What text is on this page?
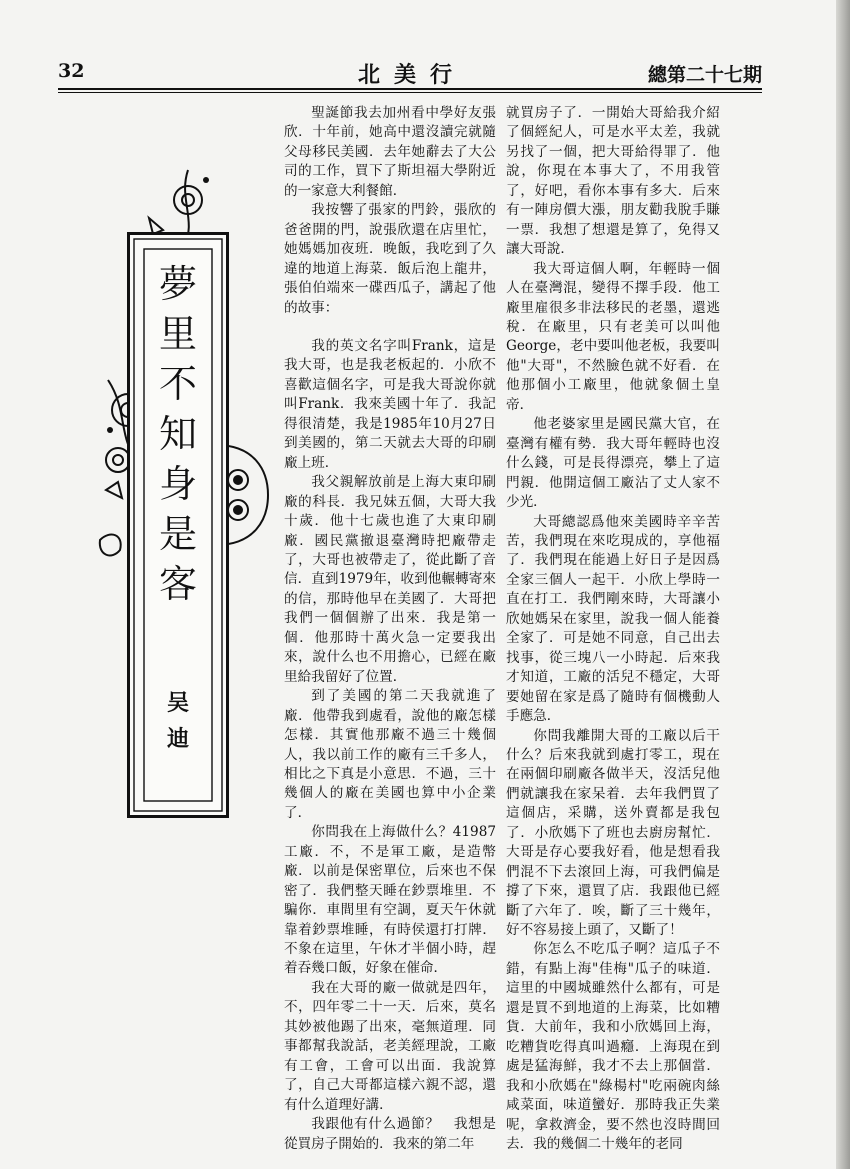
32	北美行	總第二十七期
夢
里
不
知
身
是
客
吴
迪

聖誕節我去加州看中學好友張欣．十年前，她高中還沒讀完就隨父母移民美國．去年她辭去了大公司的工作，買下了斯坦福大學附近的一家意大利餐館．

我按響了張家的門鈴，張欣的爸爸開的門，說張欣還在店里忙，她媽媽加夜班．晚飯，我吃到了久違的地道上海菜．飯后泡上龍井，張伯伯端來一碟西瓜子，講起了他的故事：

我的英文名字叫Frank，這是我大哥，也是我老板起的．小欣不喜歡這個名字，可是我大哥說你就叫Frank．我來美國十年了．我記得很清楚，我是1985年10月27日到美國的，第二天就去大哥的印刷廠上班．

我父親解放前是上海大東印刷廠的科長．我兄妹五個，大哥大我十歲．他十七歲也進了大東印刷廠．國民黨撤退臺灣時把廠帶走了，大哥也被帶走了，從此斷了音信．直到1979年，收到他輾轉寄來的信，那時他早在美國了．大哥把我們一個個辦了出來．我是第一個．他那時十萬火急一定要我出來，說什么也不用擔心，已經在廠里給我留好了位置．

到了美國的第二天我就進了廠．他帶我到處看，說他的廠怎樣怎樣．其實他那廠不過三十幾個人，我以前工作的廠有三千多人，相比之下真是小意思．不過，三十幾個人的廠在美國也算中小企業了．

你問我在上海做什么？41987工廠．不，不是軍工廠，是造幣廠．以前是保密單位，后來也不保密了．我們整天睡在鈔票堆里．不騙你．車間里有空調，夏天午休就靠着鈔票堆睡，有時侯還打打牌．不象在這里，午休才半個小時，趕着吞幾口飯，好象在催命．

我在大哥的廠一做就是四年，不，四年零二十一天．后來，莫名其妙被他踢了出來，毫無道理．同事都幫我說話，老美經理說，工廠有工會，工會可以出面．我說算了，自己大哥都這樣六親不認，還有什么道理好講．

我跟他有什么過節？　我想是從買房子開始的．我來的第二年

就買房子了．一開始大哥給我介紹了個經紀人，可是水平太差，我就另找了一個，把大哥給得罪了．他說，你現在本事大了，不用我管了，好吧，看你本事有多大．后來有一陣房價大漲，朋友勸我脫手賺一票．我想了想還是算了，免得又讓大哥說．

我大哥這個人啊，年輕時一個人在臺灣混，變得不擇手段．他工廠里雇很多非法移民的老墨，還逃稅．在廠里，只有老美可以叫他George，老中要叫他老板，我要叫他"大哥"，不然臉色就不好看．在他那個小工廠里，他就象個土皇帝．

他老婆家里是國民黨大官，在臺灣有權有勢．我大哥年輕時也沒什么錢，可是長得漂亮，攀上了這門親．他開這個工廠沾了丈人家不少光．

大哥總認爲他來美國時辛辛苦苦，我們現在來吃現成的，享他福了．我們現在能過上好日子是因爲全家三個人一起干．小欣上學時一直在打工．我們剛來時，大哥讓小欣她媽呆在家里，說我一個人能養全家了．可是她不同意，自己出去找事，從三塊八一小時起．后來我才知道，工廠的活兒不穩定，大哥要她留在家是爲了隨時有個機動人手應急．

你問我離開大哥的工廠以后干什么？后來我就到處打零工，現在在兩個印刷廠各做半天，沒活兒他們就讓我在家呆着．去年我們買了這個店，采購，送外賣都是我包了．小欣媽下了班也去廚房幫忙．大哥是存心要我好看，他是想看我們混不下去滾回上海，可我們偏是撐了下來，還買了店．我跟他已經斷了六年了．唉，斷了三十幾年，好不容易接上頭了，又斷了！

你怎么不吃瓜子啊？這瓜子不錯，有點上海"佳梅"瓜子的味道．這里的中國城雖然什么都有，可是還是買不到地道的上海菜，比如糟貨．大前年，我和小欣媽回上海，吃糟貨吃得真叫過癮．上海現在到處是猛海鮮，我才不去上那個當．我和小欣媽在"綠楊村"吃兩碗肉絲咸菜面，味道蠻好．那時我正失業呢，拿救濟金，要不然也沒時間回去．我的幾個二十幾年的老同
